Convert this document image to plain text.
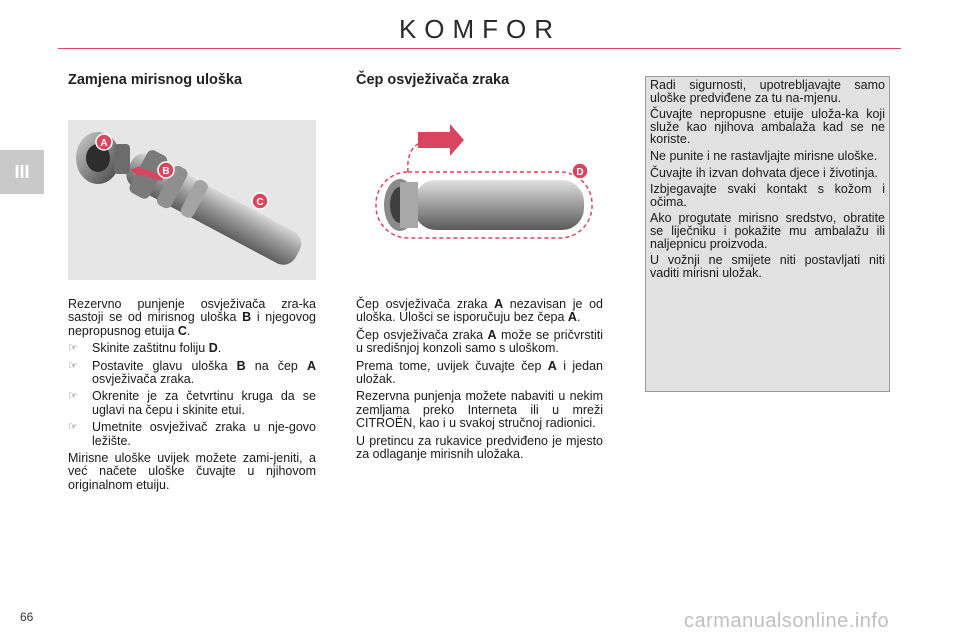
KOMFOR
III
Zamjena mirisnog uloška
A
B
C

Rezervno punjenje osvježivača zra-ka sastoji se od mirisnog uloška B i njegovog nepropusnog etuija C.

☞ Skinite zaštitnu foliju D.
☞ Postavite glavu uloška B na čep A osvježivača zraka.
☞ Okrenite je za četvrtinu kruga da se uglavi na čepu i skinite etui.
☞ Umetnite osvježivač zraka u nje-govo ležište.

Mirisne uloške uvijek možete zami-jeniti, a već načete uloške čuvajte u njihovom originalnom etuiju.

Čep osvježivača zraka
D

Čep osvježivača zraka A nezavisan je od uloška. Ulošci se isporučuju bez čepa A.

Čep osvježivača zraka A može se pričvrstiti u središnjoj konzoli samo s uloškom.

Prema tome, uvijek čuvajte čep A i jedan uložak.

Rezervna punjenja možete nabaviti u nekim zemljama preko Interneta ili u mreži CITROËN, kao i u svakoj stručnoj radionici.

U pretincu za rukavice predviđeno je mjesto za odlaganje mirisnih uložaka.

Radi sigurnosti, upotrebljavajte samo uloške predviđene za tu na-mjenu.

Čuvajte nepropusne etuije uloža-ka koji služe kao njihova ambalaža kad se ne koriste.

Ne punite i ne rastavljajte mirisne uloške.

Čuvajte ih izvan dohvata djece i životinja.

Izbjegavajte svaki kontakt s kožom i očima.

Ako progutate mirisno sredstvo, obratite se liječniku i pokažite mu ambalažu ili naljepnicu proizvoda.

U vožnji ne smijete niti postavljati niti vaditi mirisni uložak.

66	carmanualsonline.info
